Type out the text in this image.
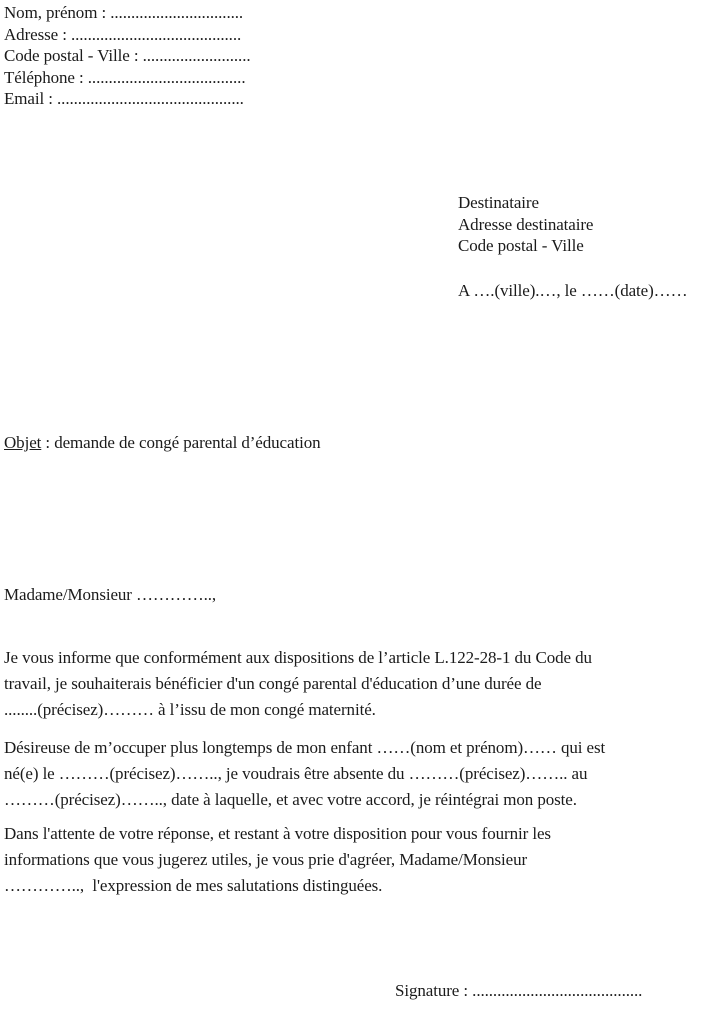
Nom, prénom : ................................
Adresse : .........................................
Code postal - Ville : ..........................
Téléphone : ......................................
Email : .............................................
Destinataire
Adresse destinataire
Code postal - Ville
A ….(ville).…, le ……(date)……
Objet : demande de congé parental d’éducation
Madame/Monsieur …………..,
Je vous informe que conformément aux dispositions de l’article L.122-28-1 du Code du
travail, je souhaiterais bénéficier d'un congé parental d'éducation d’une durée de
........(précisez)……… à l’issu de mon congé maternité.
Désireuse de m’occuper plus longtemps de mon enfant ……(nom et prénom)…… qui est
né(e) le ………(précisez)…….., je voudrais être absente du ………(précisez)…….. au
………(précisez)…….., date à laquelle, et avec votre accord, je réintégrai mon poste.
Dans l'attente de votre réponse, et restant à votre disposition pour vous fournir les
informations que vous jugerez utiles, je vous prie d'agréer, Madame/Monsieur
…………..,  l'expression de mes salutations distinguées.
Signature : .........................................
